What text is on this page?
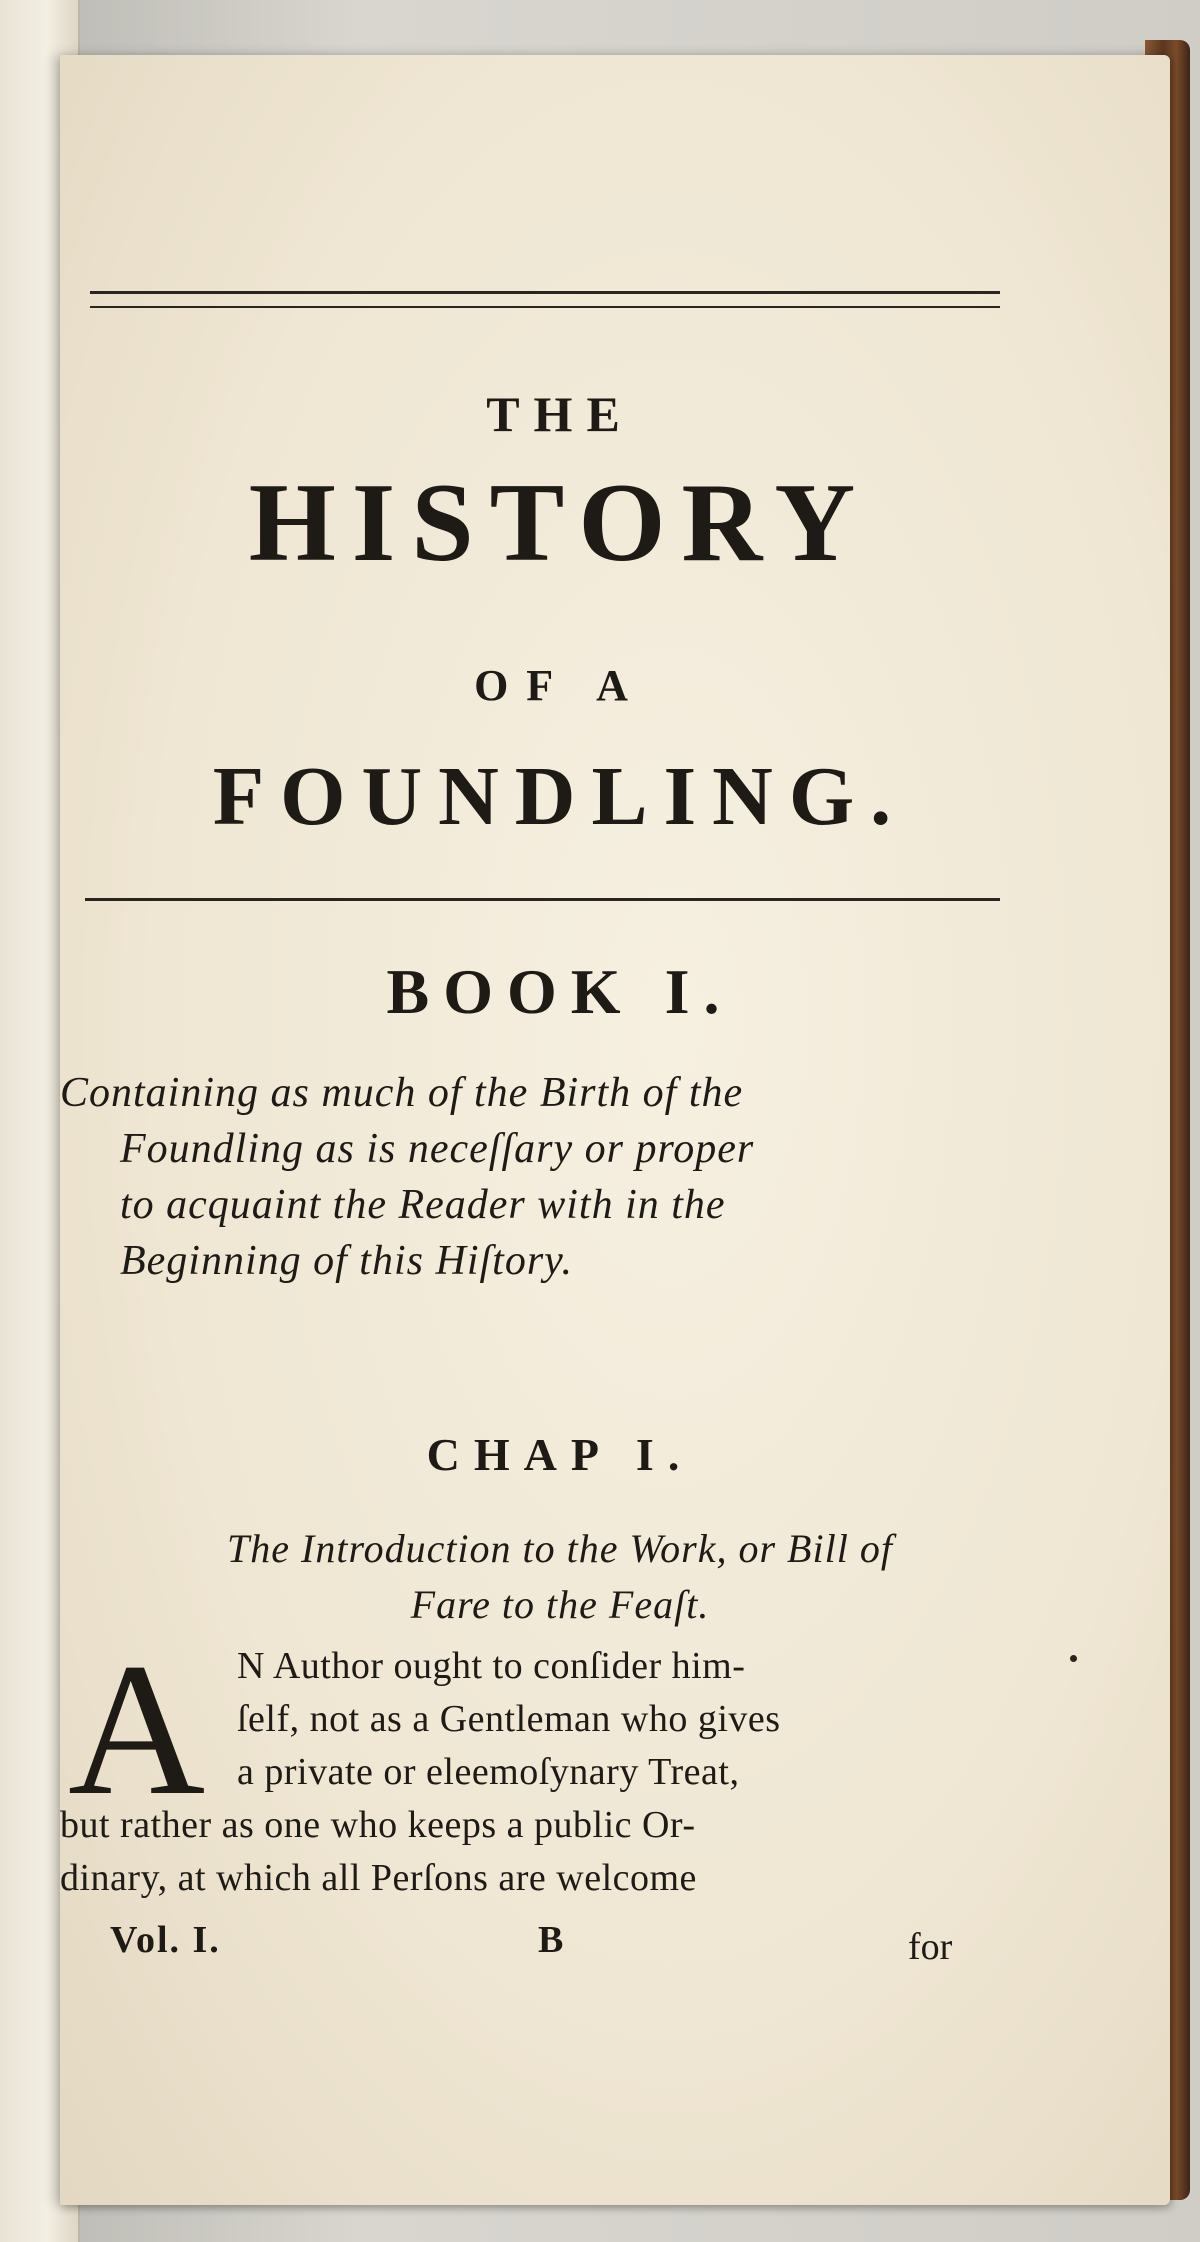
THE
HISTORY
OF A
FOUNDLING.
BOOK I.
Containing as much of the Birth of the
Foundling as is neceſſary or proper
to acquaint the Reader with in the
Beginning of this Hiſtory.
CHAP I.
The Introduction to the Work, or Bill of
Fare to the Feaſt.
A N Author ought to conſider him-
ſelf, not as a Gentleman who gives
a private or eleemoſynary Treat,
but rather as one who keeps a public Or-
dinary, at which all Perſons are welcome
Vol. I.	B	for
